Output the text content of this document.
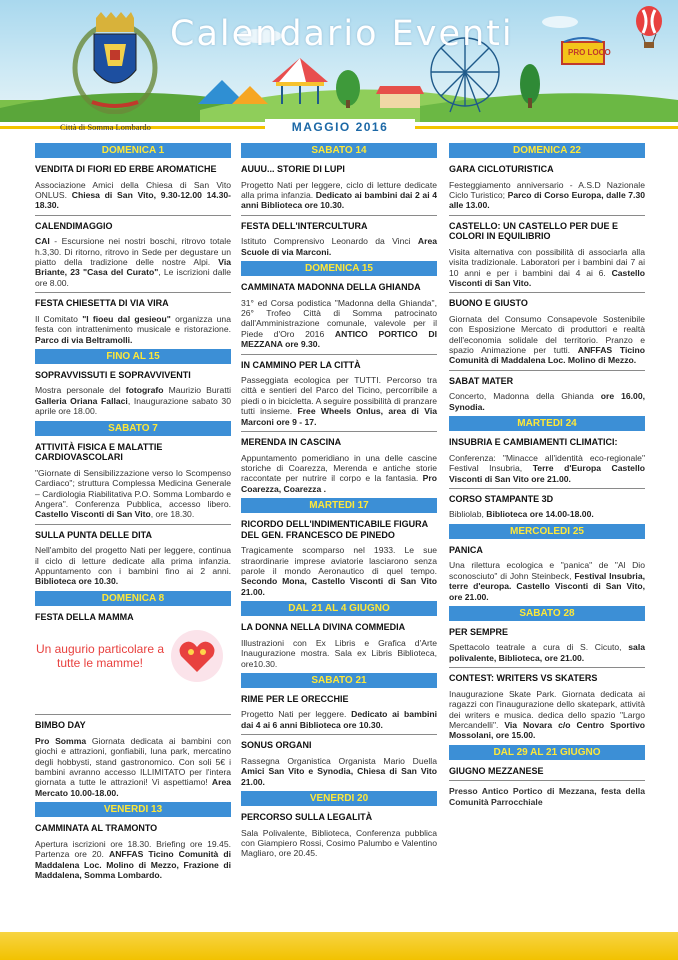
Calendario Eventi
MAGGIO 2016
Città di Somma Lombardo
PRO LOCO
DOMENICA 1
VENDITA DI FIORI ED ERBE AROMATICHE
Associazione Amici della Chiesa di San Vito ONLUS. Chiesa di San Vito, 9.30-12.00 14.30-18.30.
CALENDIMAGGIO
CAI - Escursione nei nostri boschi, ritrovo totale h.3,30. Di ritorno, ritrovo in Sede per degustare un piatto della tradizione delle nostre Alpi. Via Briante, 23 "Casa del Curato", Le iscrizioni dalle ore 8.00.
FESTA CHIESETTA DI VIA VIRA
Il Comitato "I fioeu dal gesieou" organizza una festa con intrattenimento musicale e ristorazione. Parco di via Beltramolli.
FINO AL 15
SOPRAVVISSUTI E SOPRAVVIVENTI
Mostra personale del fotografo Maurizio Buratti Galleria Oriana Fallaci, Inaugurazione sabato 30 aprile ore 18.00.
SABATO 7
ATTIVITÀ FISICA E MALATTIE CARDIOVASCOLARI
"Giornate di Sensibilizzazione verso lo Scompenso Cardiaco"; struttura Complessa Medicina Generale – Cardiologia Riabilitativa P.O. Somma Lombardo e Angera". Conferenza Pubblica, accesso libero. Castello Visconti di San Vito, ore 18.30.
SULLA PUNTA DELLE DITA
Nell'ambito del progetto Nati per leggere, continua il ciclo di letture dedicate alla prima infanzia. Appuntamento con i bambini fino ai 2 anni. Biblioteca ore 10.30.
DOMENICA 8
FESTA DELLA MAMMA
Un augurio particolare a tutte le mamme!
BIMBO DAY
Pro Somma Giornata dedicata ai bambini con giochi e attrazioni, gonfiabili, luna park, mercatino degli hobbysti, stand gastronomico. Con soli 5€ i bambini avranno accesso ILLIMITATO per l'intera giornata a tutte le attrazioni! Vi aspettiamo! Area Mercato 10.00-18.00.
VENERDI 13
CAMMINATA AL TRAMONTO
Apertura iscrizioni ore 18.30. Briefing ore 19.45. Partenza ore 20. ANFFAS Ticino Comunità di Maddalena Loc. Molino di Mezzo, Frazione di Maddalena, Somma Lombardo.
SABATO 14
AUUU... STORIE DI LUPI
Progetto Nati per leggere, ciclo di letture dedicate alla prima infanzia. Dedicato ai bambini dai 2 ai 4 anni Biblioteca ore 10.30.
FESTA DELL'INTERCULTURA
Istituto Comprensivo Leonardo da Vinci Area Scuole di via Marconi.
DOMENICA 15
CAMMINATA MADONNA DELLA GHIANDA
31° ed Corsa podistica "Madonna della Ghianda", 26° Trofeo Città di Somma patrocinato dall'Amministrazione comunale, valevole per il Piede d'Oro 2016 ANTICO PORTICO DI MEZZANA ore 9.30.
IN CAMMINO PER LA CITTÀ
Passeggiata ecologica per TUTTI. Percorso tra città e sentieri del Parco del Ticino, percorribile a piedi o in bicicletta. A seguire possibilità di pranzare tutti insieme. Free Wheels Onlus, area di Via Marconi ore 9 - 17.
MERENDA IN CASCINA
Appuntamento pomeridiano in una delle cascine storiche di Coarezza, Merenda e antiche storie raccontate per nutrire il corpo e la fantasia. Pro Coarezza, Coarezza .
MARTEDI 17
RICORDO DELL'INDIMENTICABILE FIGURA DEL GEN. FRANCESCO DE PINEDO
Tragicamente scomparso nel 1933. Le sue straordinarie imprese aviatorie lasciarono senza parole il mondo Aeronautico di quel tempo. Secondo Mona, Castello Visconti di San Vito 21.00.
DAL 21 AL 4 GIUGNO
LA DONNA NELLA DIVINA COMMEDIA
Illustrazioni con Ex Libris e Grafica d'Arte Inaugurazione mostra. Sala ex Libris Biblioteca, ore10.30.
SABATO 21
RIME PER LE ORECCHIE
Progetto Nati per leggere. Dedicato ai bambini dai 4 ai 6 anni Biblioteca ore 10.30.
SONUS ORGANI
Rassegna Organistica Organista Mario Duella Amici San Vito e Synodia, Chiesa di San Vito 21.00.
VENERDI 20
PERCORSO SULLA LEGALITÀ
Sala Polivalente, Biblioteca, Conferenza pubblica con Giampiero Rossi, Cosimo Palumbo e Valentino Magliaro, ore 20.45.
DOMENICA 22
GARA CICLOTURISTICA
Festeggiamento anniversario - A.S.D Nazionale Ciclo Turistico; Parco di Corso Europa, dalle 7.30 alle 13.00.
CASTELLO: UN CASTELLO PER DUE E COLORI IN EQUILIBRIO
Visita alternativa con possibilità di associarla alla visita tradizionale. Laboratori per i bambini dai 7 ai 10 anni e per i bambini dai 4 ai 6. Castello Visconti di San Vito.
BUONO E GIUSTO
Giornata del Consumo Consapevole Sostenibile con Esposizione Mercato di produttori e realtà dell'economia solidale del territorio. Pranzo e spazio Animazione per tutti. ANFFAS Ticino Comunità di Maddalena Loc. Molino di Mezzo.
SABAT MATER
Concerto, Madonna della Ghianda ore 16.00, Synodia.
MARTEDI 24
INSUBRIA E CAMBIAMENTI CLIMATICI:
Conferenza: "Minacce all'identità eco-regionale" Festival Insubria, Terre d'Europa Castello Visconti di San Vito ore 21.00.
CORSO STAMPANTE 3D
Bibliolab, Biblioteca ore 14.00-18.00.
MERCOLEDI 25
PANICA
Una rilettura ecologica e "panica" de "Al Dio sconosciuto" di John Steinbeck, Festival Insubria, terre d'europa. Castello Visconti di San Vito, ore 21.00.
SABATO 28
PER SEMPRE
Spettacolo teatrale a cura di S. Cicuto, sala polivalente, Biblioteca, ore 21.00.
CONTEST: WRITERS VS SKATERS
Inaugurazione Skate Park. Giornata dedicata ai ragazzi con l'inaugurazione dello skatepark, attività dei writers e musica. dedica dello spazio "Largo Mercandelli". Via Novara c/o Centro Sportivo Mossolani, ore 15.00.
DAL 29 AL 21 GIUGNO
GIUGNO MEZZANESE
Presso Antico Portico di Mezzana, festa della Comunità Parrocchiale
